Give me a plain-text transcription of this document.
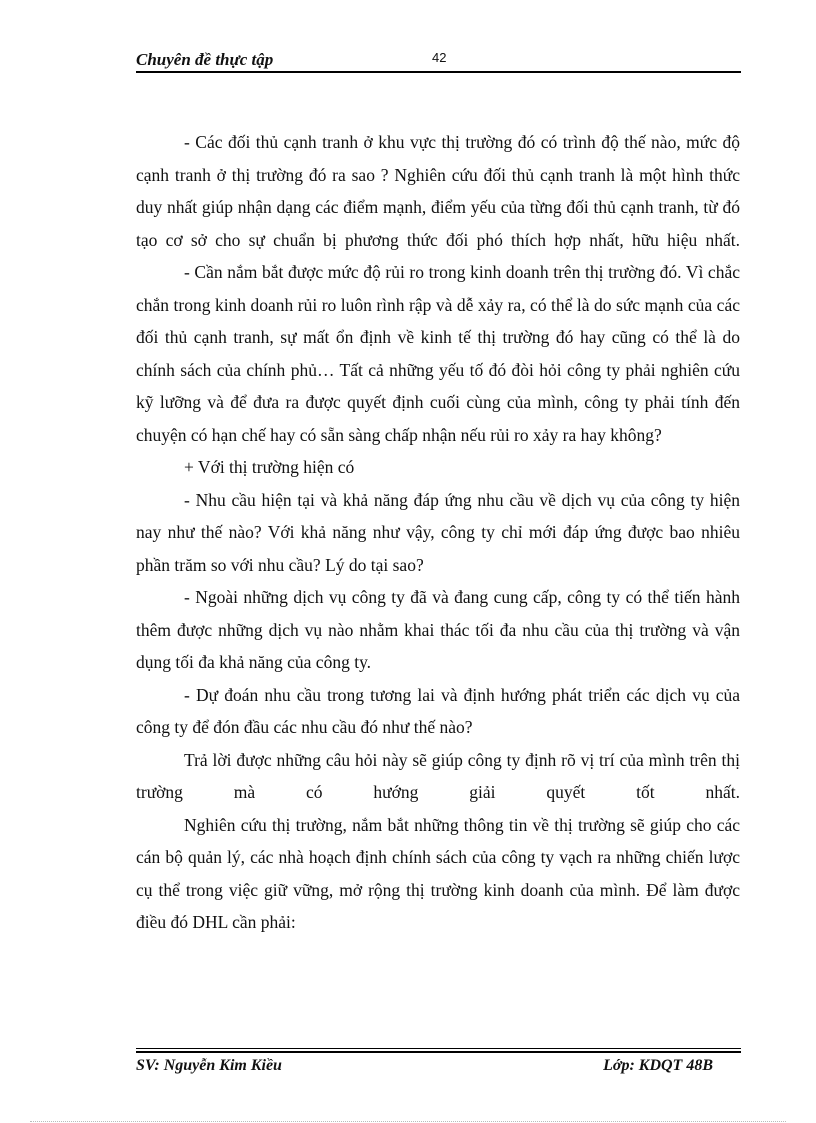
Chuyên đề thực tập	42

- Các đối thủ cạnh tranh ở khu vực thị trường đó có trình độ thế nào, mức độ cạnh tranh ở thị trường đó ra sao ? Nghiên cứu đối thủ cạnh tranh là một hình thức duy nhất giúp nhận dạng các điểm mạnh, điểm yếu của từng đối thủ cạnh tranh, từ đó tạo cơ sở cho sự chuẩn bị phương thức đối phó thích hợp nhất, hữu hiệu nhất.

- Cần nắm bắt được mức độ rủi ro trong kinh doanh trên thị trường đó. Vì chắc chắn trong kinh doanh rủi ro luôn rình rập và dễ xảy ra, có thể là do sức mạnh của các đối thủ cạnh tranh, sự mất ổn định về kinh tế thị trường đó hay cũng có thể là do chính sách của chính phủ… Tất cả những yếu tố đó đòi hỏi công ty phải nghiên cứu kỹ lưỡng và để đưa ra được quyết định cuối cùng của mình, công ty phải tính đến chuyện có hạn chế hay có sẵn sàng chấp nhận nếu rủi ro xảy ra hay không?

+ Với thị trường hiện có

- Nhu cầu hiện tại và khả năng đáp ứng nhu cầu về dịch vụ của công ty hiện nay như thế nào? Với khả năng như vậy, công ty chỉ mới đáp ứng được bao nhiêu phần trăm so với nhu cầu? Lý do tại sao?

- Ngoài những dịch vụ công ty đã và đang cung cấp, công ty có thể tiến hành thêm được những dịch vụ nào nhằm khai thác tối đa nhu cầu của thị trường và vận dụng tối đa khả năng của công ty.

- Dự đoán nhu cầu trong tương lai và định hướng phát triển các dịch vụ của công ty để đón đầu các nhu cầu đó như thế nào?

Trả lời được những câu hỏi này sẽ giúp công ty định rõ vị trí của mình trên thị trường mà có hướng giải quyết tốt nhất.

Nghiên cứu thị trường, nắm bắt những thông tin về thị trường sẽ giúp cho các cán bộ quản lý, các nhà hoạch định chính sách của công ty vạch ra những chiến lược cụ thể trong việc giữ vững, mở rộng thị trường kinh doanh của mình. Để làm được điều đó DHL cần phải:

SV: Nguyễn Kim Kiều	Lớp: KDQT 48B
